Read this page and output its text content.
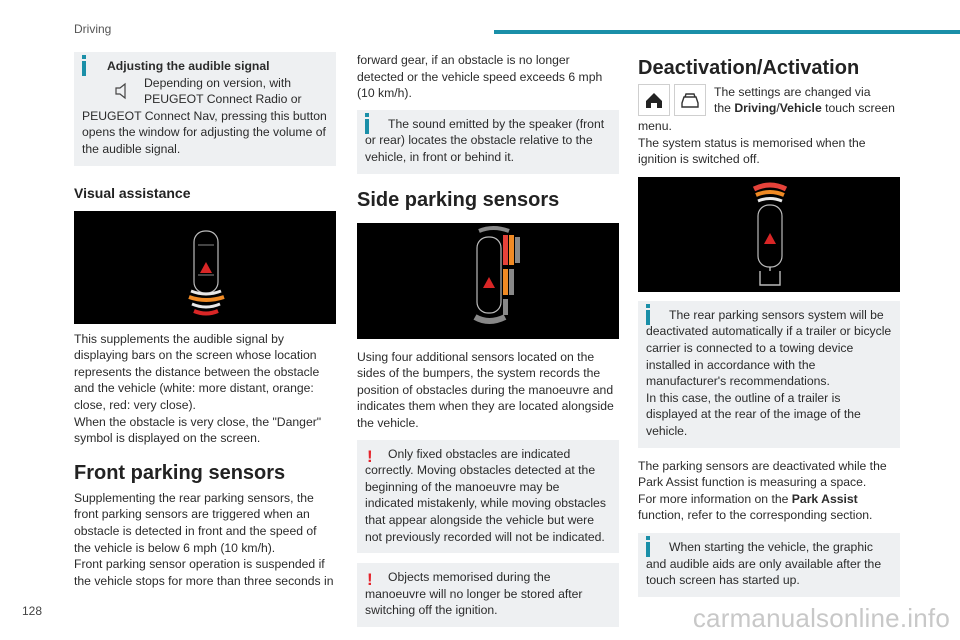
Driving
128

Adjusting the audible signal

Depending on version, with

PEUGEOT Connect Radio or

PEUGEOT Connect Nav, pressing this button opens the window for adjusting the volume of the audible signal.

Visual assistance

This supplements the audible signal by displaying bars on the screen whose location represents the distance between the obstacle and the vehicle (white: more distant, orange: close, red: very close).

When the obstacle is very close, the "Danger" symbol is displayed on the screen.

Front parking sensors

Supplementing the rear parking sensors, the front parking sensors are triggered when an obstacle is detected in front and the speed of the vehicle is below 6 mph (10 km/h).

Front parking sensor operation is suspended if the vehicle stops for more than three seconds in

forward gear, if an obstacle is no longer detected or the vehicle speed exceeds 6 mph (10 km/h).

The sound emitted by the speaker (front or rear) locates the obstacle relative to the vehicle, in front or behind it.

Side parking sensors

Using four additional sensors located on the sides of the bumpers, the system records the position of obstacles during the manoeuvre and indicates them when they are located alongside the vehicle.

!	Only fixed obstacles are indicated correctly. Moving obstacles detected at the beginning of the manoeuvre may be indicated mistakenly, while moving obstacles that appear alongside the vehicle but were not previously recorded will not be indicated.

!	Objects memorised during the manoeuvre will no longer be stored after switching off the ignition.

Deactivation/Activation

The settings are changed via

the Driving/Vehicle touch screen

menu.

The system status is memorised when the ignition is switched off.

The rear parking sensors system will be deactivated automatically if a trailer or bicycle carrier is connected to a towing device installed in accordance with the manufacturer's recommendations.

In this case, the outline of a trailer is displayed at the rear of the image of the vehicle.

The parking sensors are deactivated while the Park Assist function is measuring a space.

For more information on the Park Assist function, refer to the corresponding section.

When starting the vehicle, the graphic and audible aids are only available after the touch screen has started up.

carmanualsonline.info
